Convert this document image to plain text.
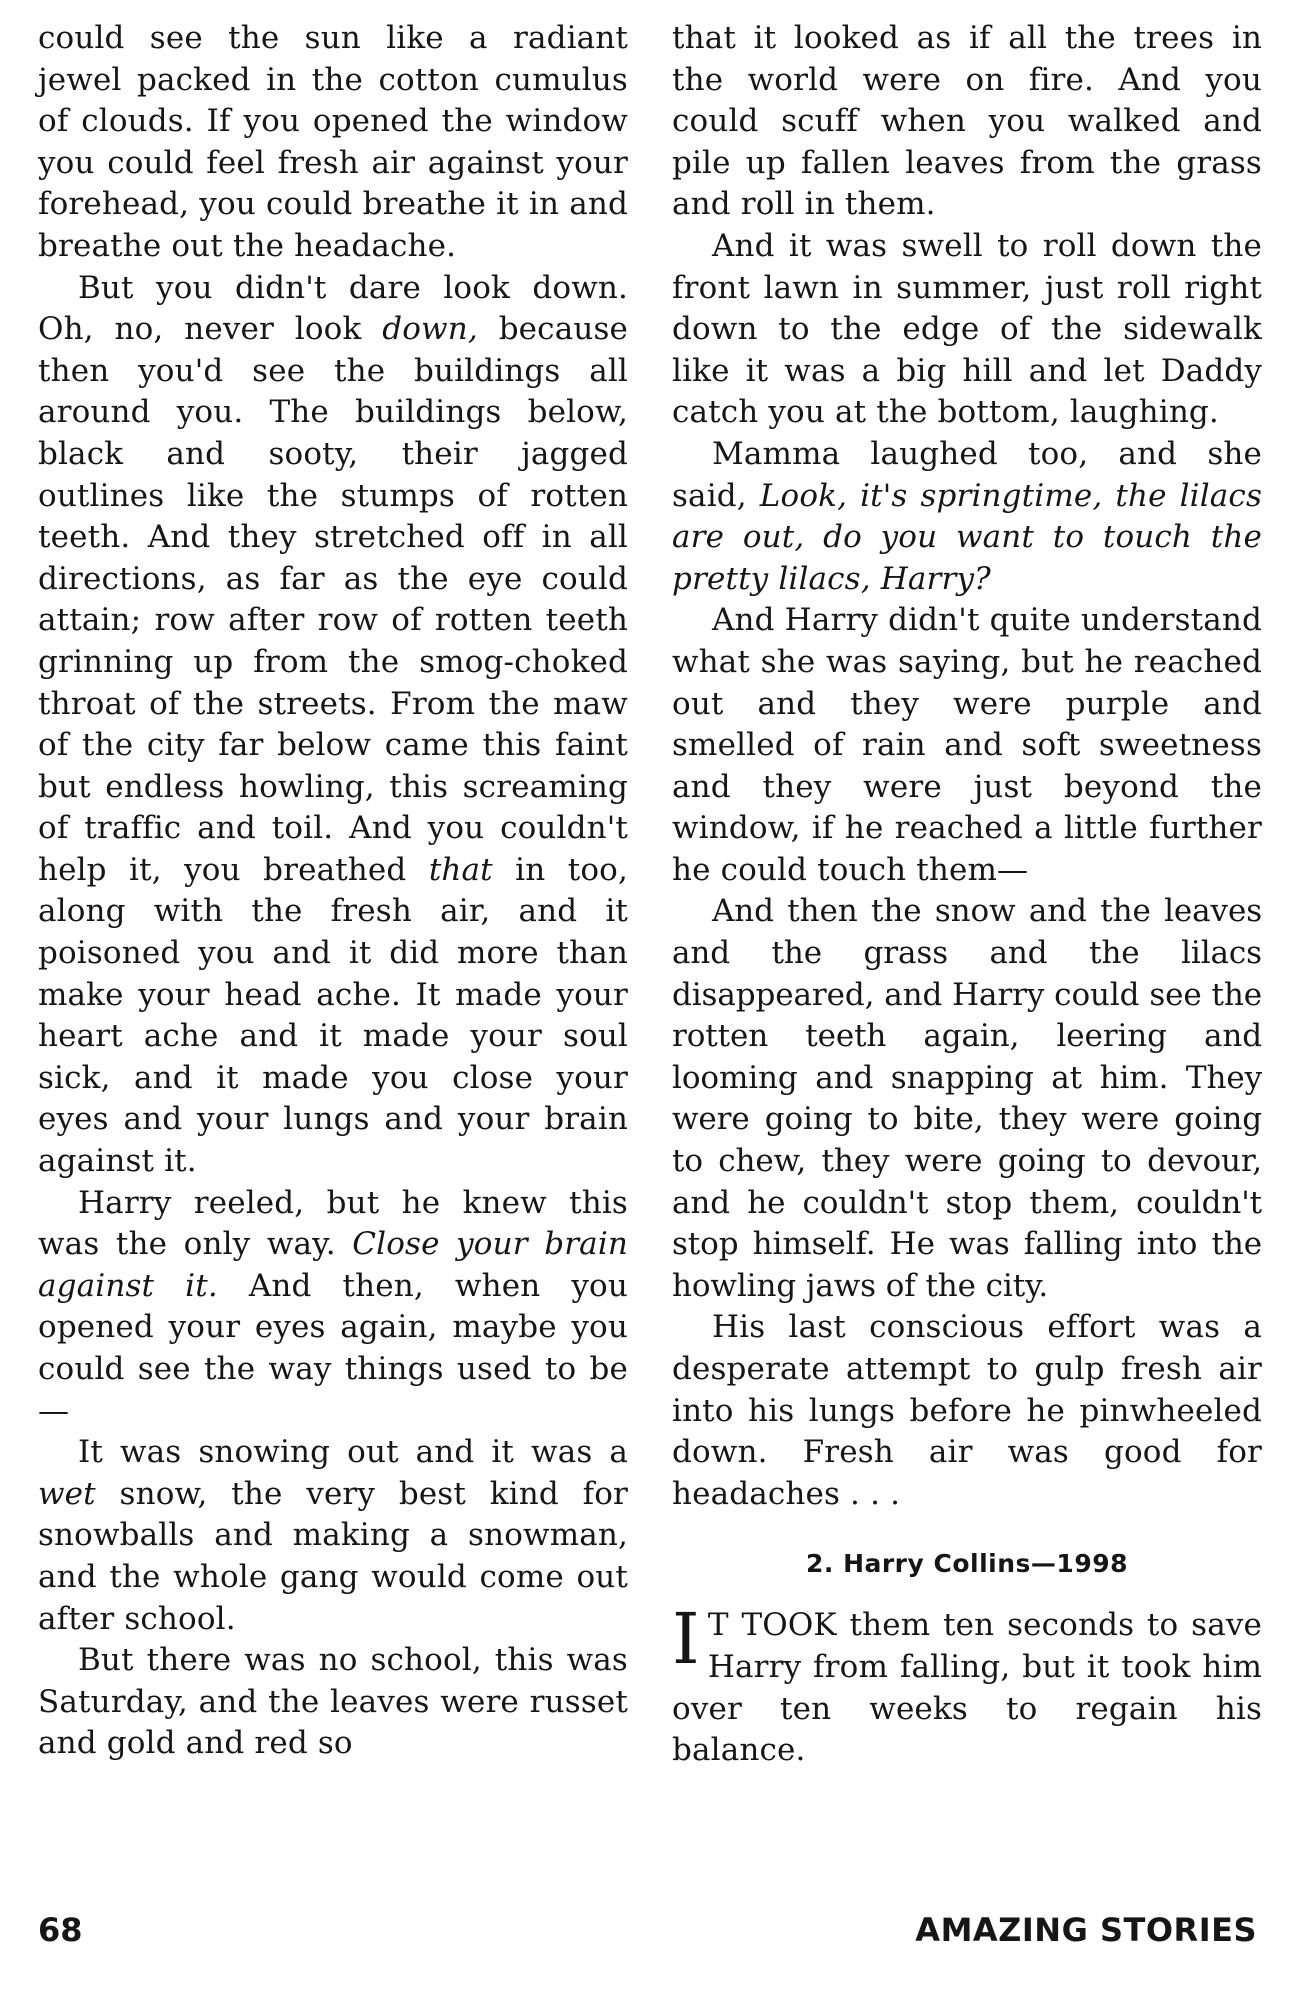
could see the sun like a radiant jewel packed in the cotton cumulus of clouds. If you opened the window you could feel fresh air against your forehead, you could breathe it in and breathe out the headache.

But you didn't dare look down. Oh, no, never look down, because then you'd see the buildings all around you. The buildings below, black and sooty, their jagged outlines like the stumps of rotten teeth. And they stretched off in all directions, as far as the eye could attain; row after row of rotten teeth grinning up from the smog-choked throat of the streets. From the maw of the city far below came this faint but endless howling, this screaming of traffic and toil. And you couldn't help it, you breathed that in too, along with the fresh air, and it poisoned you and it did more than make your head ache. It made your heart ache and it made your soul sick, and it made you close your eyes and your lungs and your brain against it.

Harry reeled, but he knew this was the only way. Close your brain against it. And then, when you opened your eyes again, maybe you could see the way things used to be—

It was snowing out and it was a wet snow, the very best kind for snowballs and making a snowman, and the whole gang would come out after school.

But there was no school, this was Saturday, and the leaves were russet and gold and red so

that it looked as if all the trees in the world were on fire. And you could scuff when you walked and pile up fallen leaves from the grass and roll in them.

And it was swell to roll down the front lawn in summer, just roll right down to the edge of the sidewalk like it was a big hill and let Daddy catch you at the bottom, laughing.

Mamma laughed too, and she said, Look, it's springtime, the lilacs are out, do you want to touch the pretty lilacs, Harry?

And Harry didn't quite understand what she was saying, but he reached out and they were purple and smelled of rain and soft sweetness and they were just beyond the window, if he reached a little further he could touch them—

And then the snow and the leaves and the grass and the lilacs disappeared, and Harry could see the rotten teeth again, leering and looming and snapping at him. They were going to bite, they were going to chew, they were going to devour, and he couldn't stop them, couldn't stop himself. He was falling into the howling jaws of the city.

His last conscious effort was a desperate attempt to gulp fresh air into his lungs before he pinwheeled down. Fresh air was good for headaches . . .

2. Harry Collins—1998

I T TOOK them ten seconds to save Harry from falling, but it took him over ten weeks to regain his balance.

68	AMAZING STORIES
